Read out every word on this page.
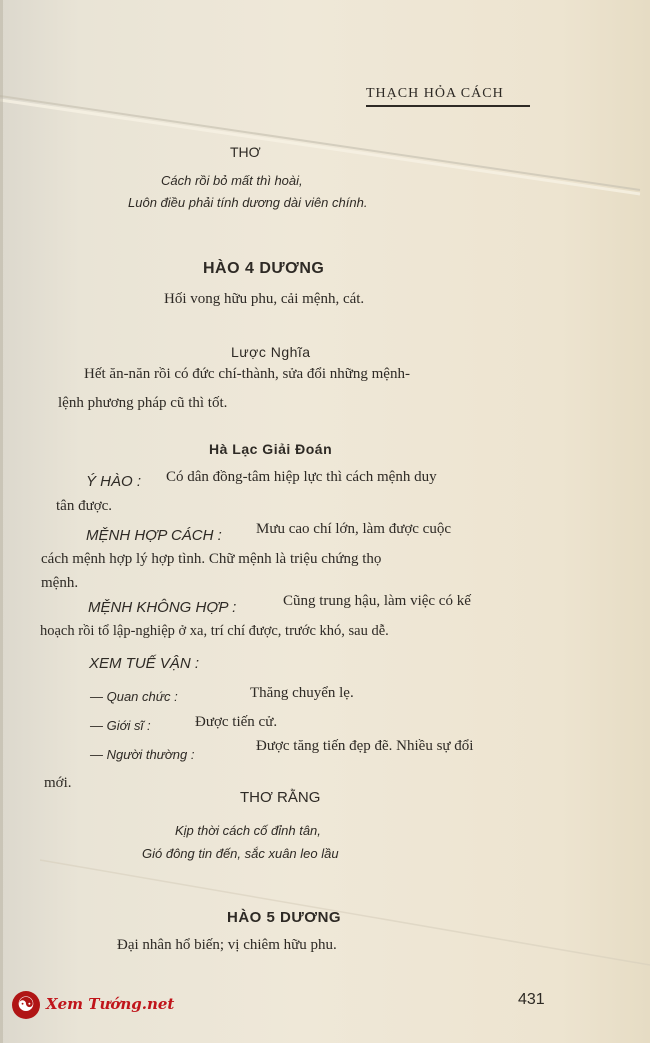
THẠCH HỎA CÁCH
THƠ
Cách rồi bỏ mất thì hoài,
Luôn điều phải tính dương dài viên chính.
HÀO 4 DƯƠNG
Hối vong hữu phu, cải mệnh, cát.
Lược Nghĩa
Hết ăn-năn rồi có đức chí-thành, sửa đổi những mệnh-
lệnh phương pháp cũ thì tốt.
Hà Lạc Giải Đoán
Ý HÀO : Có dân đồng-tâm hiệp lực thì cách mệnh duy
tân được.
MỆNH HỢP CÁCH : Mưu cao chí lớn, làm được cuộc
cách mệnh hợp lý hợp tình. Chữ mệnh là triệu chứng thọ
mệnh.
MỆNH KHÔNG HỢP :	Cũng trung hậu, làm việc có kế
hoạch rồi tổ lập-nghiệp ở xa, trí chí được, trước khó, sau dễ.
XEM TUẾ VẬN :
— Quan chức :	Thăng chuyển lẹ.
— Giới sĩ :	Được tiến cử.
— Người thường :
Được tăng tiến đẹp đẽ. Nhiều sự đổi
mới.
THƠ RẰNG
Kịp thời cách cố đỉnh tân,
Gió đông tin đến, sắc xuân leo lầu
HÀO 5 DƯƠNG
Đại nhân hổ biến; vị chiêm hữu phu.
☯ Xem Tướng.net	431
